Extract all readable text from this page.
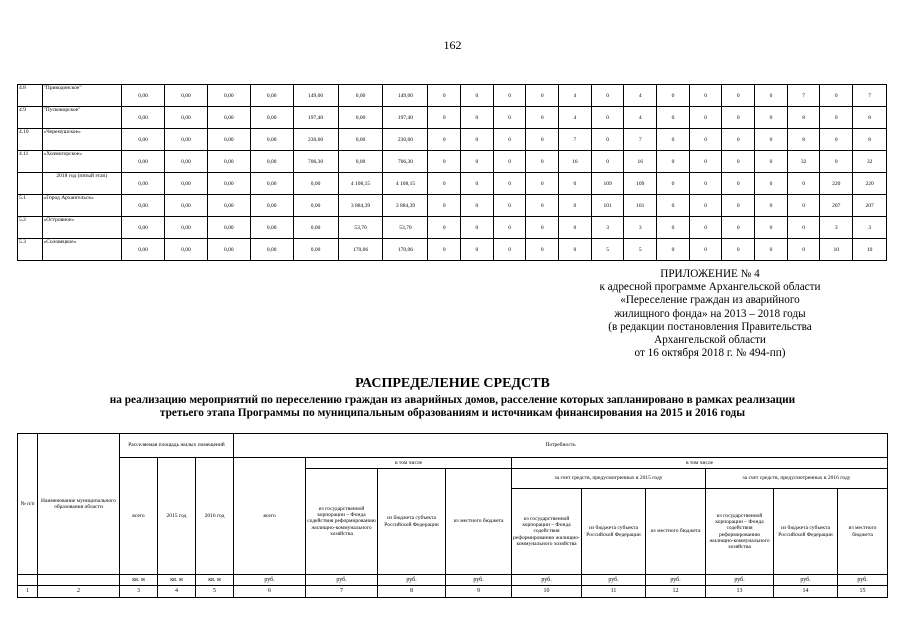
162
4.8	"Приводинское"	0,00	0,00	0,00	0,00	149,00	0,00	149,00	0	0	0	0	4	0	4	0	0	0	0	7	0	7
4.9	"Пусковорское"	0,00	0,00	0,00	0,00	197,40	0,00	197,40	0	0	0	0	4	0	4	0	0	0	0	8	0	8
4.10	«Черемушское»	0,00	0,00	0,00	0,00	230,60	0,00	230,60	0	0	0	0	7	0	7	0	0	0	0	8	0	8
4.11	«Холмогорское»	0,00	0,00	0,00	0,00	706,30	0,00	706,30	0	0	0	0	16	0	16	0	0	0	0	32	0	32
	2018 год (пятый этап)	0,00	0,00	0,00	0,00	0,00	4 108,15	4 108,15	0	0	0	0	0	109	109	0	0	0	0	0	220	220
5.1	«Город Архангельск»	0,00	0,00	0,00	0,00	0,00	3 884,39	3 884,39	0	0	0	0	0	101	101	0	0	0	0	0	207	207
5.2	«Островное»	0,00	0,00	0,00	0,00	0,00	53,70	53,70	0	0	0	0	0	3	3	0	0	0	0	0	3	3
5.3	«Соловецкое»	0,00	0,00	0,00	0,00	0,00	170,06	170,06	0	0	0	0	0	5	5	0	0	0	0	0	10	10
ПРИЛОЖЕНИЕ № 4
к адресной программе Архангельской области
«Переселение граждан из аварийного
жилищного фонда» на 2013 – 2018 годы
(в редакции постановления Правительства
Архангельской области
от 16 октября 2018 г. № 494-пп)
РАСПРЕДЕЛЕНИЕ СРЕДСТВ
на реализацию мероприятий по переселению граждан из аварийных домов, расселение которых запланировано в рамках реализации
третьего этапа Программы по муниципальным образованиям и источникам финансирования на 2015 и 2016 годы
№ п/п	Наименование муниципального образования области	Расселяемая площадь жилых помещений			Потребность									
		всего	2015 год	2016 год	всего	в том числе			в том числе					
						из государственной корпорации – Фонда содействия реформированию жилищно-коммунального хозяйства	из бюджета субъекта Российской Федерации	из местного бюджета	за счет средств, предусмотренных в 2015 году			за счет средств, предусмотренных в 2016 году		
									из государственной корпорации – Фонда содействия реформированию жилищно-коммунального хозяйства	из бюджета субъекта Российской Федерации	из местного бюджета	из государственной корпорации – Фонда содействия реформированию жилищно-коммунального хозяйства	из бюджета субъекта Российской Федерации	из местного бюджета
		кв. м	кв. м	кв. м	руб.	руб.	руб.	руб.	руб.	руб.	руб.	руб.	руб.	руб.
1	2	3	4	5	6	7	8	9	10	11	12	13	14	15
